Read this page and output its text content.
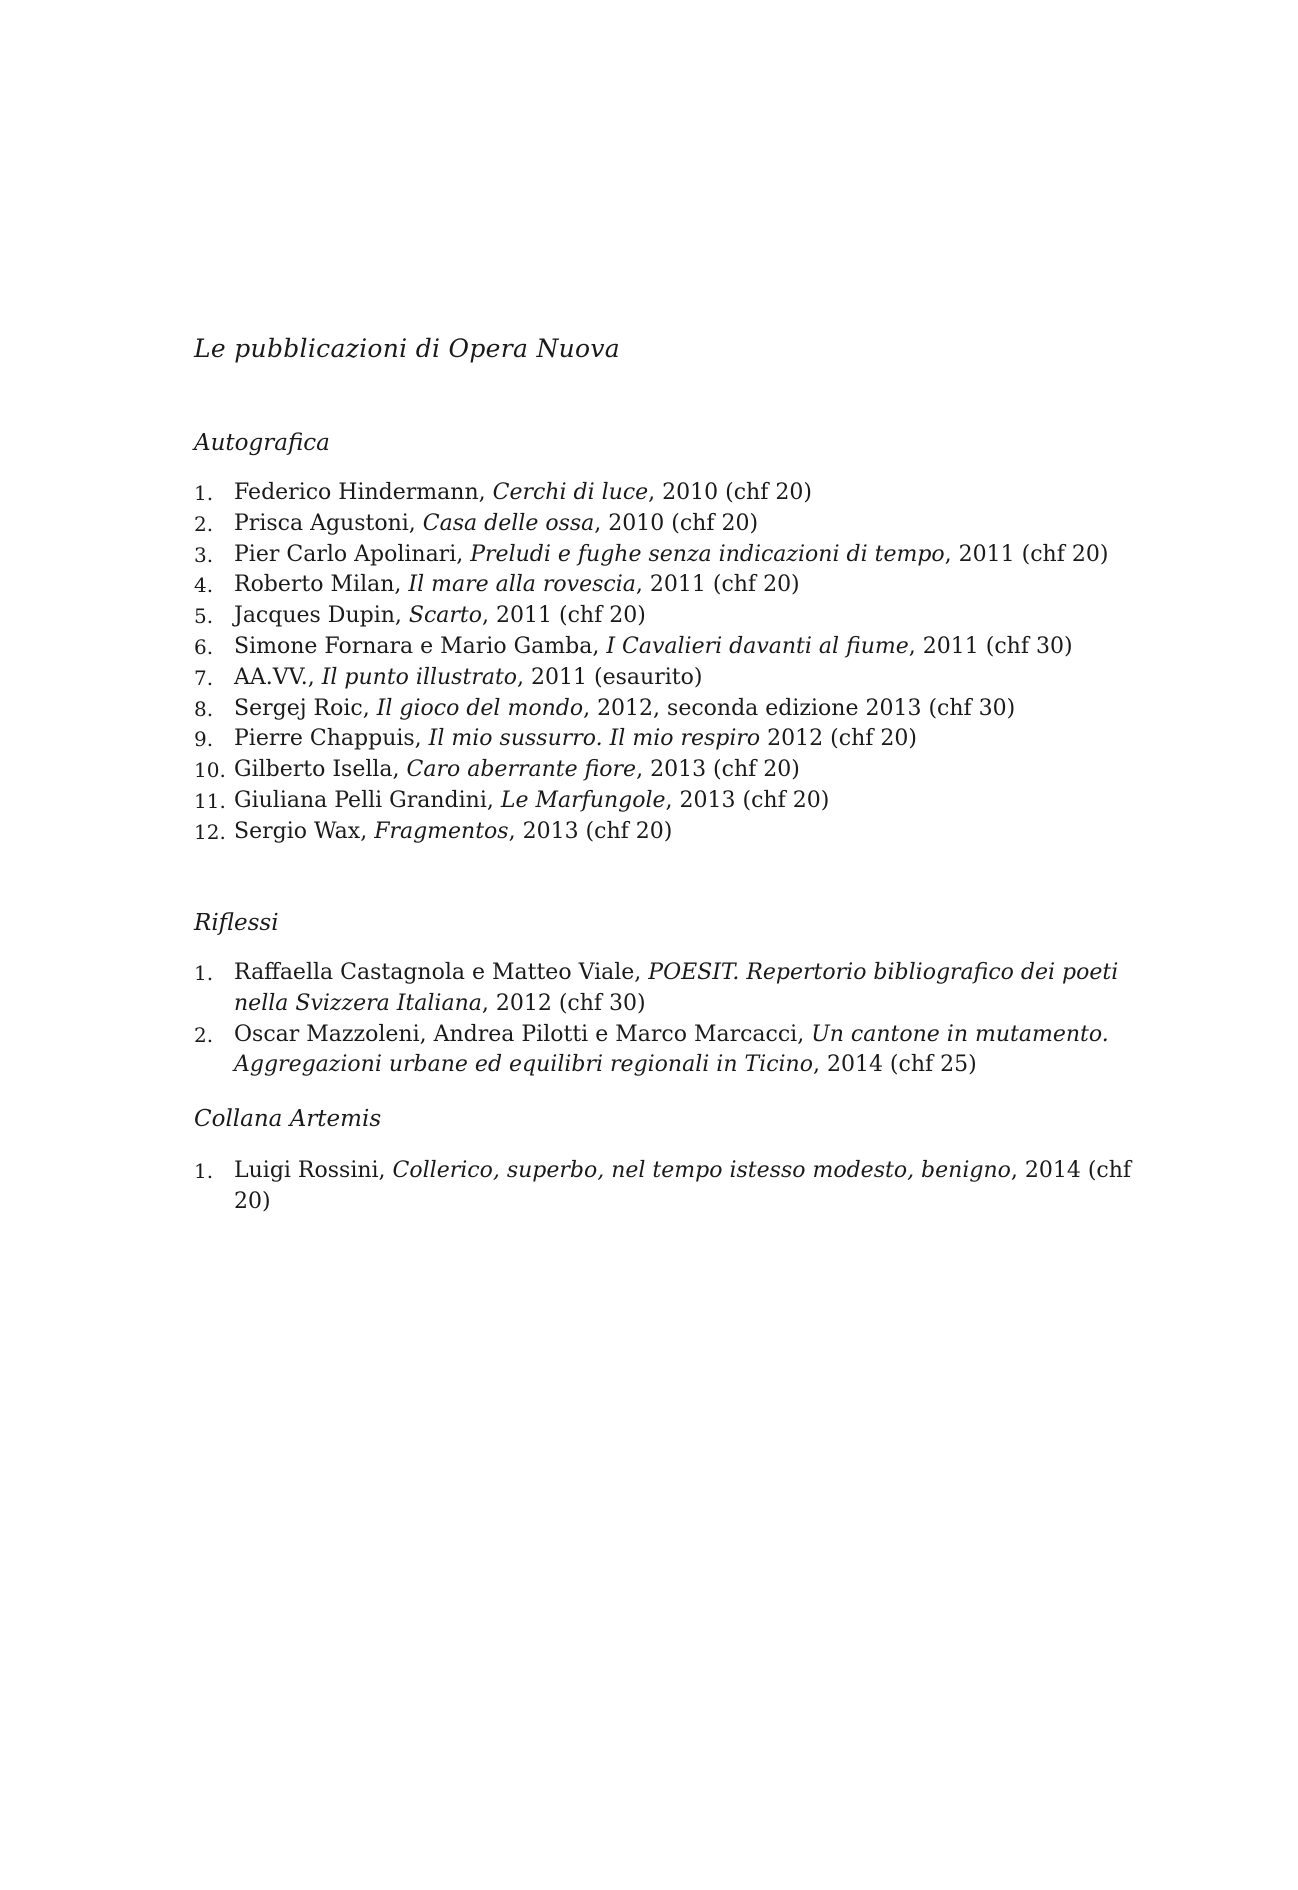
Le pubblicazioni di Opera Nuova
Autografica
1. Federico Hindermann, Cerchi di luce, 2010 (chf 20)
2. Prisca Agustoni, Casa delle ossa, 2010 (chf 20)
3. Pier Carlo Apolinari, Preludi e fughe senza indicazioni di tempo, 2011 (chf 20)
4. Roberto Milan, Il mare alla rovescia, 2011 (chf 20)
5. Jacques Dupin, Scarto, 2011 (chf 20)
6. Simone Fornara e Mario Gamba, I Cavalieri davanti al fiume, 2011 (chf 30)
7. AA.VV., Il punto illustrato, 2011 (esaurito)
8. Sergej Roic, Il gioco del mondo, 2012, seconda edizione 2013 (chf 30)
9. Pierre Chappuis, Il mio sussurro. Il mio respiro 2012 (chf 20)
10. Gilberto Isella, Caro aberrante fiore, 2013 (chf 20)
11. Giuliana Pelli Grandini, Le Marfungole, 2013 (chf 20)
12. Sergio Wax, Fragmentos, 2013 (chf 20)
Riflessi
1. Raffaella Castagnola e Matteo Viale, POESIT. Repertorio bibliografico dei poeti nella Svizzera Italiana, 2012 (chf 30)
2. Oscar Mazzoleni, Andrea Pilotti e Marco Marcacci, Un cantone in mutamento. Aggregazioni urbane ed equilibri regionali in Ticino, 2014 (chf 25)
Collana Artemis
1. Luigi Rossini, Collerico, superbo, nel tempo istesso modesto, benigno, 2014 (chf 20)
